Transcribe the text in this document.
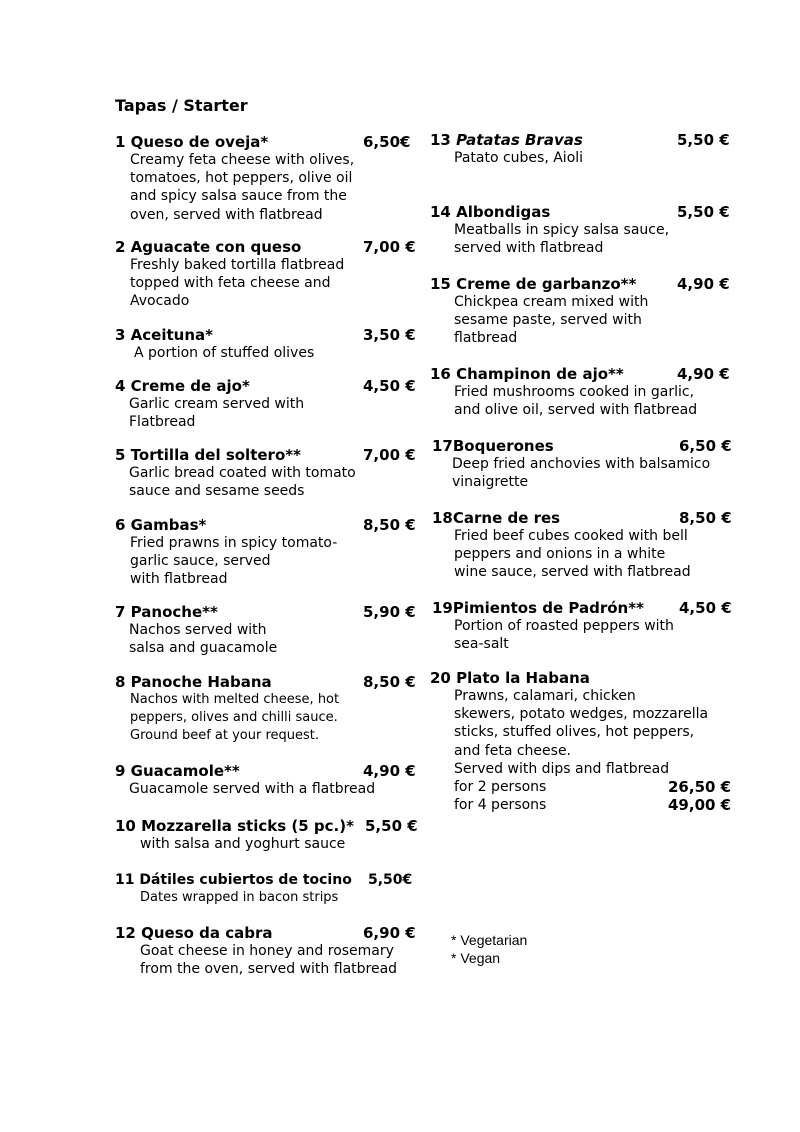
Tapas / Starter
1 Queso de oveja*	6,50€
Creamy feta cheese with olives,
tomatoes, hot peppers, olive oil
and spicy salsa sauce from the
oven, served with flatbread
2 Aguacate con queso	7,00 €
Freshly baked tortilla flatbread
topped with feta cheese and
Avocado
3 Aceituna*	3,50 €
A portion of stuffed olives
4 Creme de ajo*	4,50 €
Garlic cream served with
Flatbread
5 Tortilla del soltero**	7,00 €
Garlic bread coated with tomato
sauce and sesame seeds
6 Gambas*	8,50 €
Fried prawns in spicy tomato-
garlic sauce, served
with flatbread
7 Panoche**	5,90 €
Nachos served with
salsa and guacamole
8 Panoche Habana	8,50 €
Nachos with melted cheese, hot
peppers, olives and chilli sauce.
Ground beef at your request.
9 Guacamole**	4,90 €
Guacamole served with a flatbread
10 Mozzarella sticks (5 pc.)* 5,50 €
with salsa and yoghurt sauce
11 Dátiles cubiertos de tocino 5,50€
Dates wrapped in bacon strips
12 Queso da cabra	6,90 €
Goat cheese in honey and rosemary
from the oven, served with flatbread
13 Patatas Bravas	5,50 €
Patato cubes, Aioli
14 Albondigas	5,50 €
Meatballs in spicy salsa sauce,
served with flatbread
15 Creme de garbanzo**	4,90 €
Chickpea cream mixed with
sesame paste, served with
flatbread
16 Champinon de ajo**	4,90 €
Fried mushrooms cooked in garlic,
and olive oil, served with flatbread
17Boquerones	6,50 €
Deep fried anchovies with balsamico
vinaigrette
18Carne de res	8,50 €
Fried beef cubes cooked with bell
peppers and onions in a white
wine sauce, served with flatbread
19Pimientos de Padrón** 4,50 €
Portion of roasted peppers with
sea-salt
20 Plato la Habana
Prawns, calamari, chicken
skewers, potato wedges, mozzarella
sticks, stuffed olives, hot peppers,
and feta cheese.
Served with dips and flatbread
for 2 persons	26,50 €
for 4 persons	49,00 €
* Vegetarian
* Vegan
